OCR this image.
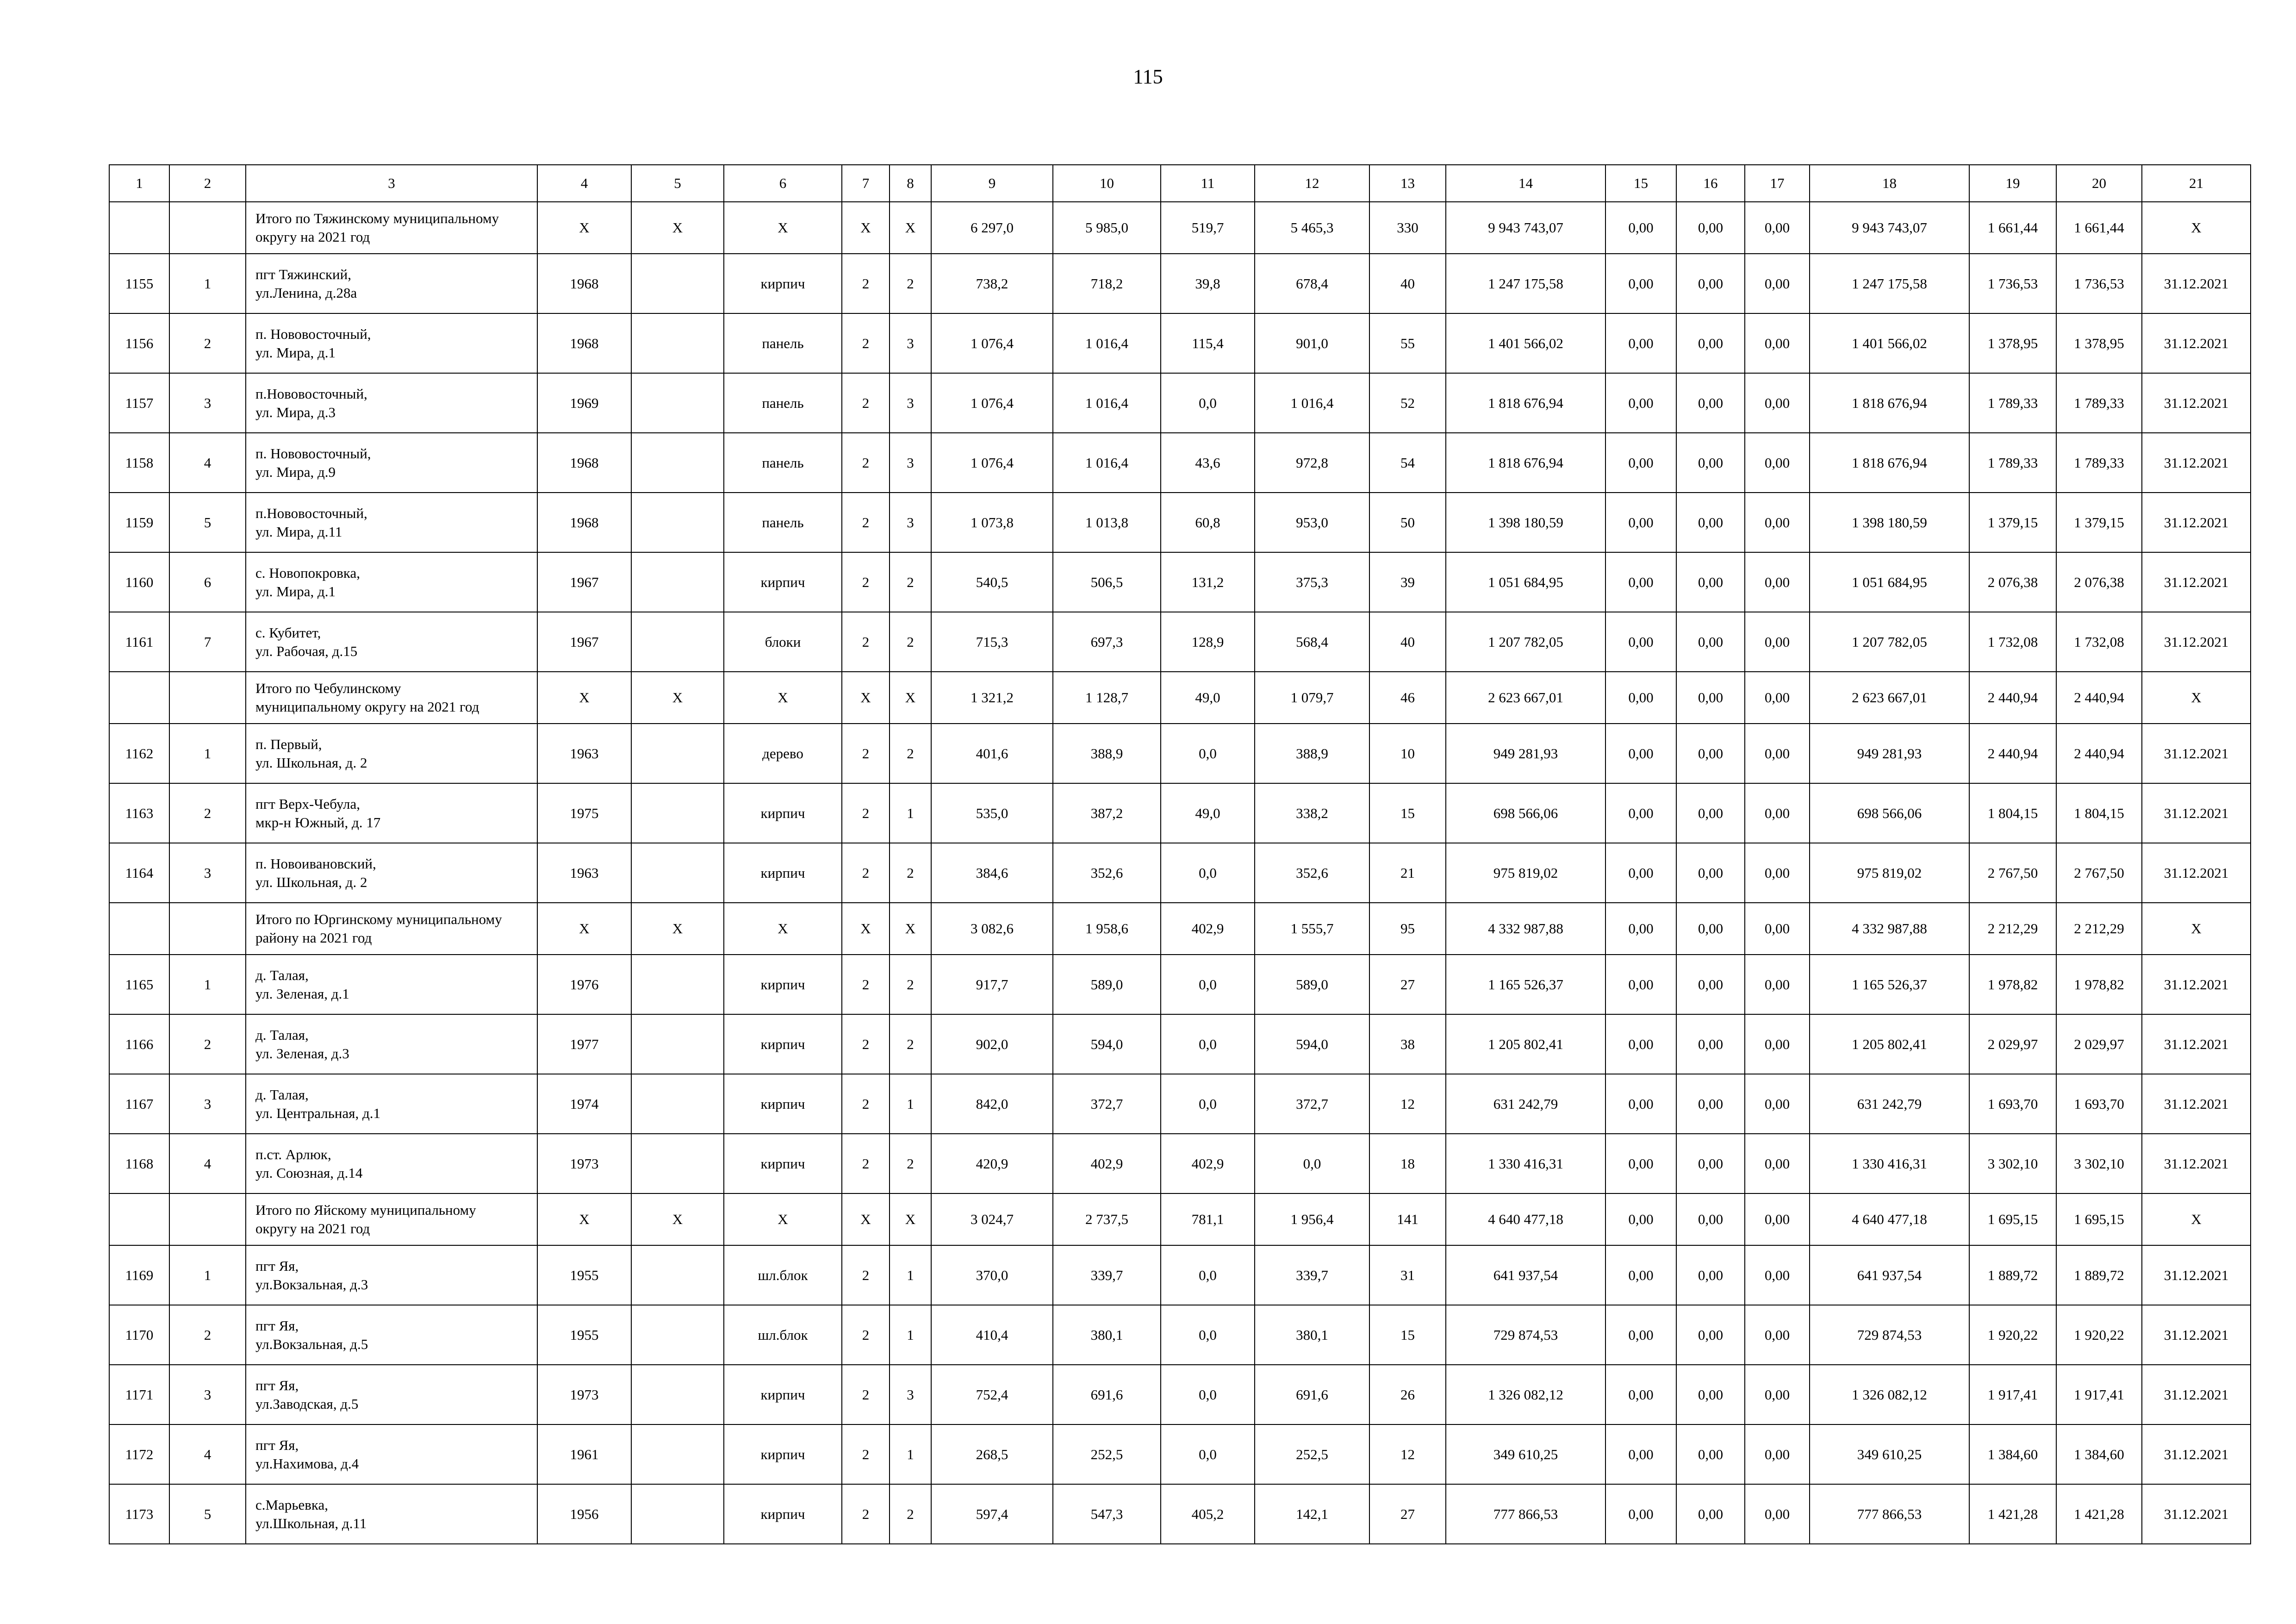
115
1	2	3	4	5	6	7	8	9	10	11	12	13	14	15	16	17	18	19	20	21
		Итого по Тяжинскому муниципальному
округу на 2021 год	Х	Х	Х	Х	Х	6 297,0	5 985,0	519,7	5 465,3	330	9 943 743,07	0,00	0,00	0,00	9 943 743,07	1 661,44	1 661,44	Х
1155	1	пгт Тяжинский,
ул.Ленина, д.28а	1968		кирпич	2	2	738,2	718,2	39,8	678,4	40	1 247 175,58	0,00	0,00	0,00	1 247 175,58	1 736,53	1 736,53	31.12.2021
1156	2	п. Нововосточный,
ул. Мира, д.1	1968		панель	2	3	1 076,4	1 016,4	115,4	901,0	55	1 401 566,02	0,00	0,00	0,00	1 401 566,02	1 378,95	1 378,95	31.12.2021
1157	3	п.Нововосточный,
ул. Мира, д.3	1969		панель	2	3	1 076,4	1 016,4	0,0	1 016,4	52	1 818 676,94	0,00	0,00	0,00	1 818 676,94	1 789,33	1 789,33	31.12.2021
1158	4	п. Нововосточный,
ул. Мира, д.9	1968		панель	2	3	1 076,4	1 016,4	43,6	972,8	54	1 818 676,94	0,00	0,00	0,00	1 818 676,94	1 789,33	1 789,33	31.12.2021
1159	5	п.Нововосточный,
ул. Мира, д.11	1968		панель	2	3	1 073,8	1 013,8	60,8	953,0	50	1 398 180,59	0,00	0,00	0,00	1 398 180,59	1 379,15	1 379,15	31.12.2021
1160	6	с. Новопокровка,
ул. Мира, д.1	1967		кирпич	2	2	540,5	506,5	131,2	375,3	39	1 051 684,95	0,00	0,00	0,00	1 051 684,95	2 076,38	2 076,38	31.12.2021
1161	7	с. Кубитет,
ул. Рабочая, д.15	1967		блоки	2	2	715,3	697,3	128,9	568,4	40	1 207 782,05	0,00	0,00	0,00	1 207 782,05	1 732,08	1 732,08	31.12.2021
		Итого по Чебулинскому
муниципальному округу на 2021 год	Х	Х	Х	Х	Х	1 321,2	1 128,7	49,0	1 079,7	46	2 623 667,01	0,00	0,00	0,00	2 623 667,01	2 440,94	2 440,94	Х
1162	1	п. Первый,
ул. Школьная, д. 2	1963		дерево	2	2	401,6	388,9	0,0	388,9	10	949 281,93	0,00	0,00	0,00	949 281,93	2 440,94	2 440,94	31.12.2021
1163	2	пгт Верх-Чебула,
мкр-н Южный, д. 17	1975		кирпич	2	1	535,0	387,2	49,0	338,2	15	698 566,06	0,00	0,00	0,00	698 566,06	1 804,15	1 804,15	31.12.2021
1164	3	п. Новоивановский,
ул. Школьная, д. 2	1963		кирпич	2	2	384,6	352,6	0,0	352,6	21	975 819,02	0,00	0,00	0,00	975 819,02	2 767,50	2 767,50	31.12.2021
		Итого по Юргинскому муниципальному
району на 2021 год	Х	Х	Х	Х	Х	3 082,6	1 958,6	402,9	1 555,7	95	4 332 987,88	0,00	0,00	0,00	4 332 987,88	2 212,29	2 212,29	Х
1165	1	д. Талая,
ул. Зеленая, д.1	1976		кирпич	2	2	917,7	589,0	0,0	589,0	27	1 165 526,37	0,00	0,00	0,00	1 165 526,37	1 978,82	1 978,82	31.12.2021
1166	2	д. Талая,
ул. Зеленая, д.3	1977		кирпич	2	2	902,0	594,0	0,0	594,0	38	1 205 802,41	0,00	0,00	0,00	1 205 802,41	2 029,97	2 029,97	31.12.2021
1167	3	д. Талая,
ул. Центральная, д.1	1974		кирпич	2	1	842,0	372,7	0,0	372,7	12	631 242,79	0,00	0,00	0,00	631 242,79	1 693,70	1 693,70	31.12.2021
1168	4	п.ст. Арлюк,
ул. Союзная, д.14	1973		кирпич	2	2	420,9	402,9	402,9	0,0	18	1 330 416,31	0,00	0,00	0,00	1 330 416,31	3 302,10	3 302,10	31.12.2021
		Итого по Яйскому муниципальному
округу на 2021 год	Х	Х	Х	Х	Х	3 024,7	2 737,5	781,1	1 956,4	141	4 640 477,18	0,00	0,00	0,00	4 640 477,18	1 695,15	1 695,15	Х
1169	1	пгт Яя,
ул.Вокзальная, д.3	1955		шл.блок	2	1	370,0	339,7	0,0	339,7	31	641 937,54	0,00	0,00	0,00	641 937,54	1 889,72	1 889,72	31.12.2021
1170	2	пгт Яя,
ул.Вокзальная, д.5	1955		шл.блок	2	1	410,4	380,1	0,0	380,1	15	729 874,53	0,00	0,00	0,00	729 874,53	1 920,22	1 920,22	31.12.2021
1171	3	пгт Яя,
ул.Заводская, д.5	1973		кирпич	2	3	752,4	691,6	0,0	691,6	26	1 326 082,12	0,00	0,00	0,00	1 326 082,12	1 917,41	1 917,41	31.12.2021
1172	4	пгт Яя,
ул.Нахимова, д.4	1961		кирпич	2	1	268,5	252,5	0,0	252,5	12	349 610,25	0,00	0,00	0,00	349 610,25	1 384,60	1 384,60	31.12.2021
1173	5	с.Марьевка,
ул.Школьная, д.11	1956		кирпич	2	2	597,4	547,3	405,2	142,1	27	777 866,53	0,00	0,00	0,00	777 866,53	1 421,28	1 421,28	31.12.2021
